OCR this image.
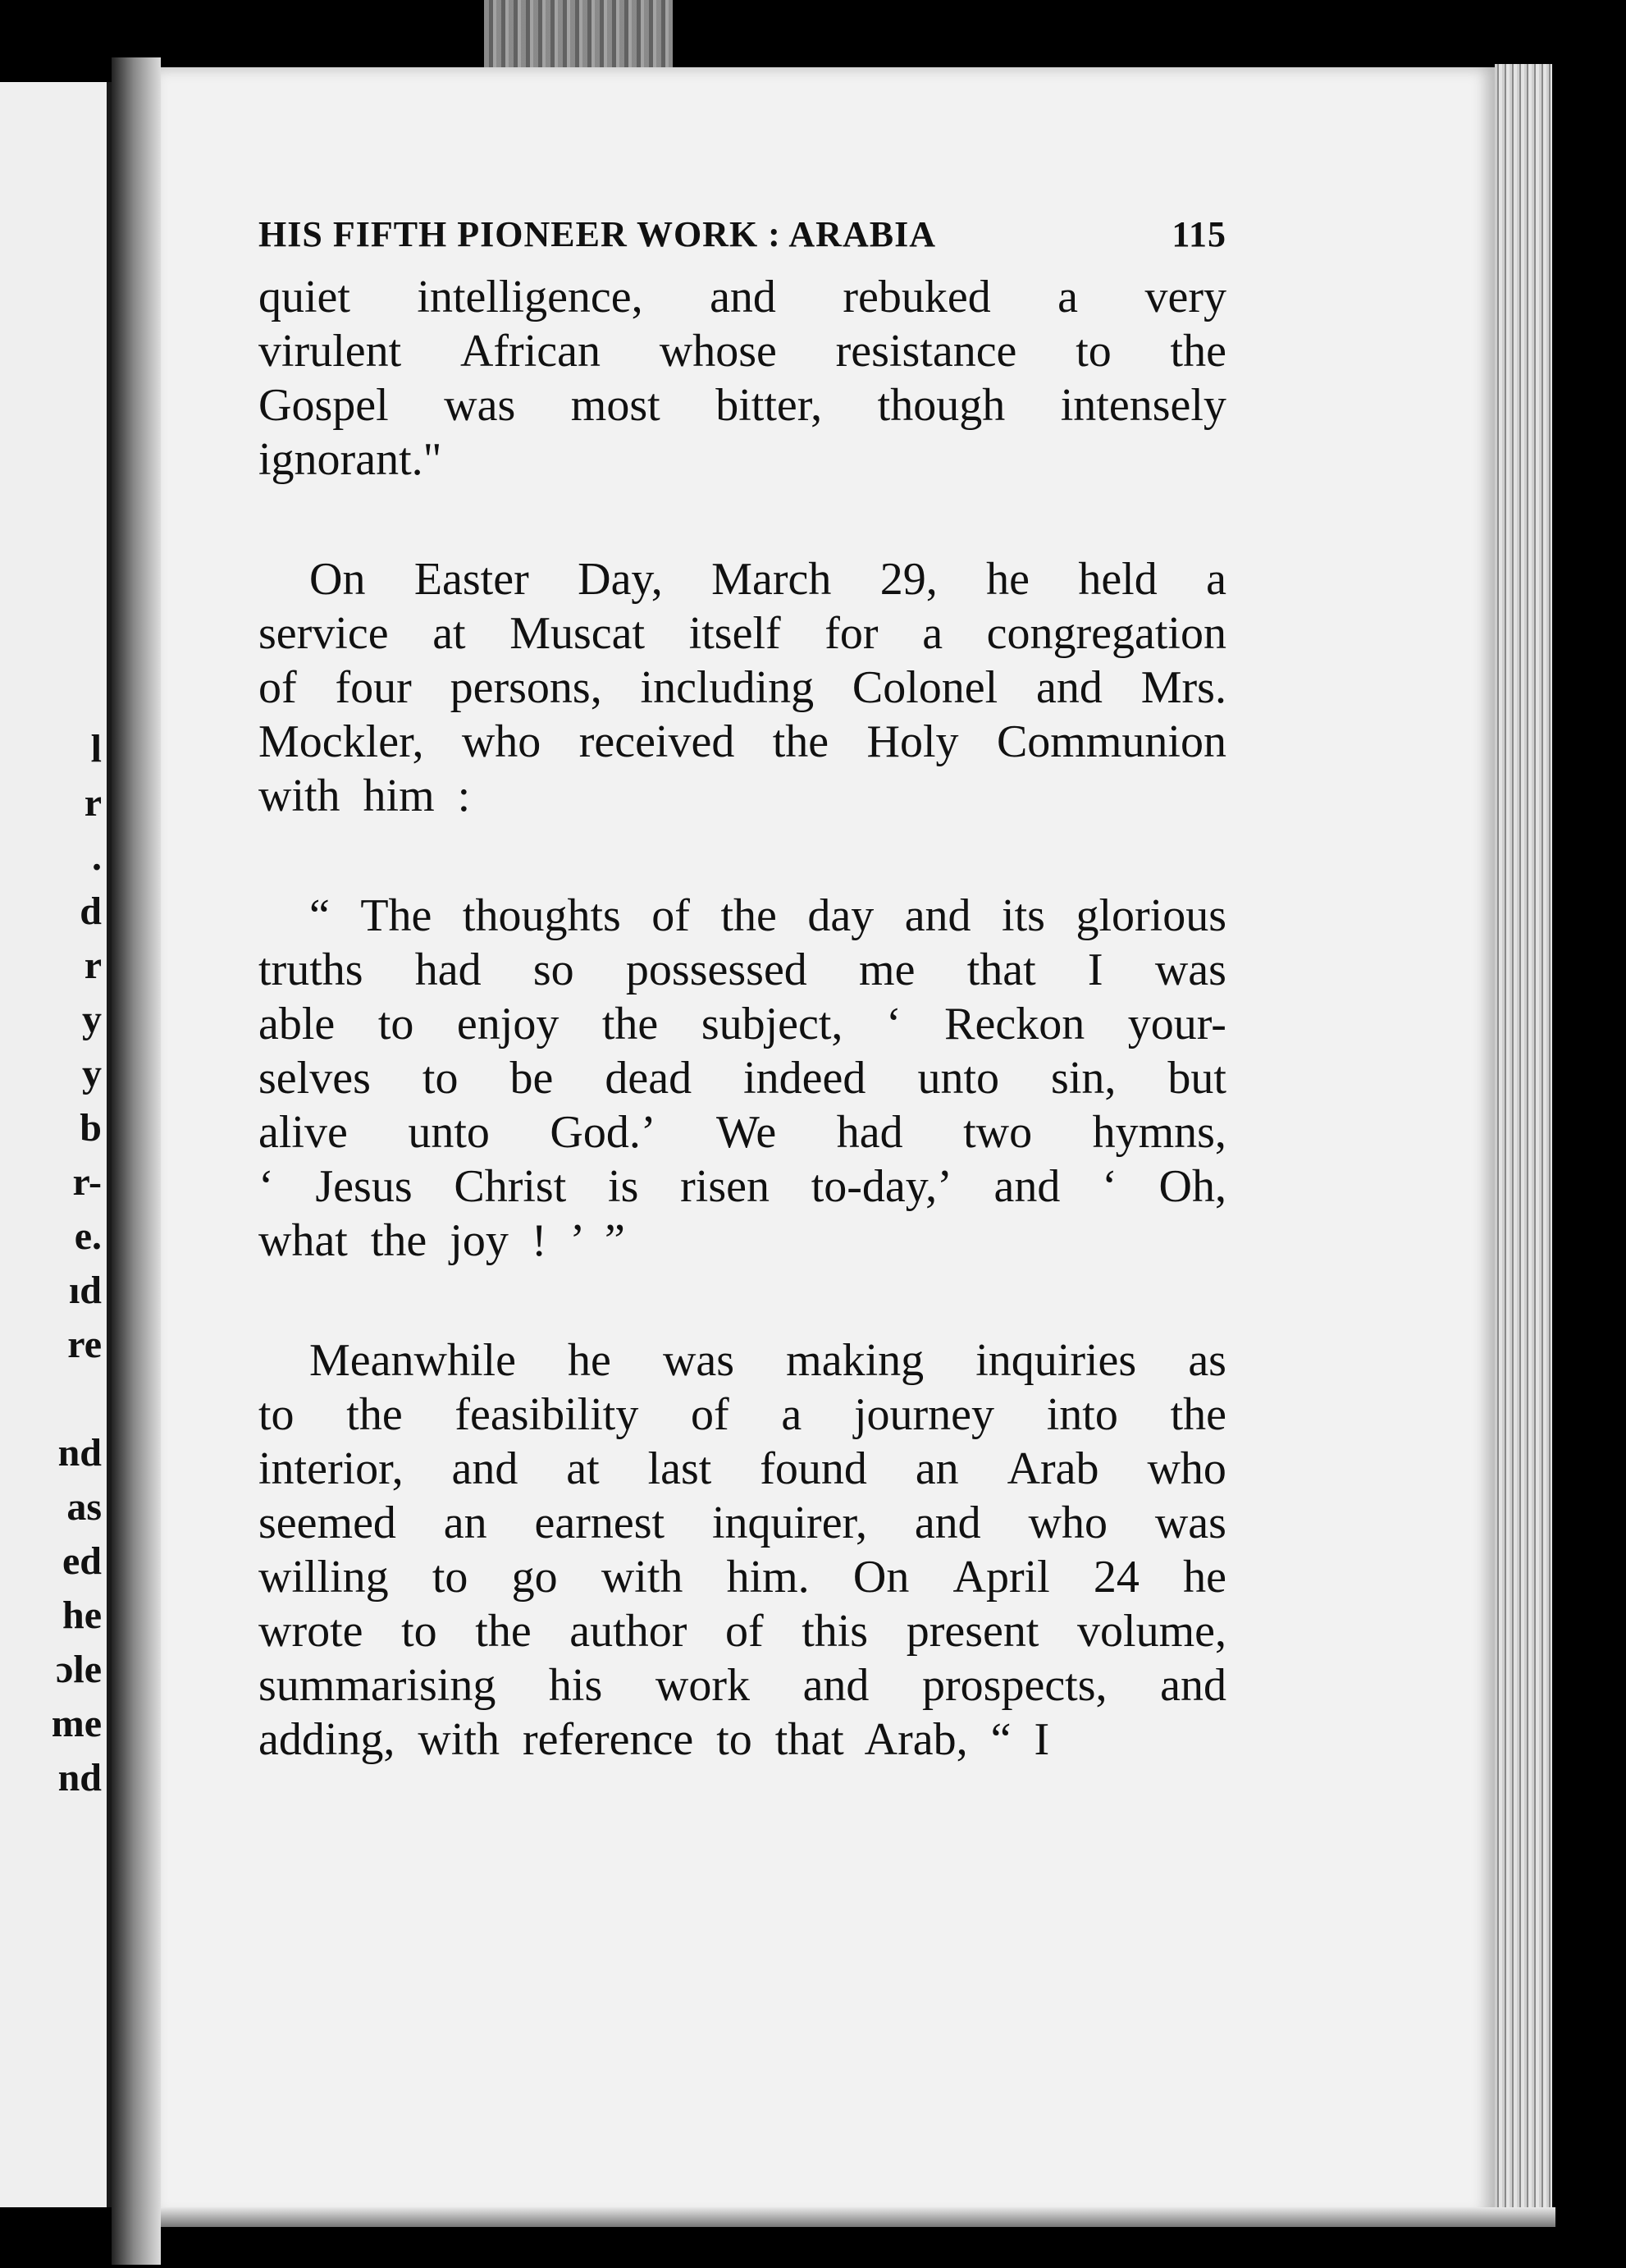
l
r
.
d
r
y
y
b
r-
e.
ıd
re
nd
as
ed
he
ɔle
me
nd
HIS FIFTH PIONEER WORK : ARABIA	115
quiet intelligence, and rebuked a very
virulent African whose resistance to the
Gospel was most bitter, though intensely
ignorant."
On Easter Day, March 29, he held a
service at Muscat itself for a congregation
of four persons, including Colonel and Mrs.
Mockler, who received the Holy Communion
with him :
“ The thoughts of the day and its glorious
truths had so possessed me that I was
able to enjoy the subject, ‘ Reckon your-
selves to be dead indeed unto sin, but
alive unto God.’ We had two hymns,
‘ Jesus Christ is risen to-day,’ and ‘ Oh,
what the joy ! ’ ”
Meanwhile he was making inquiries as
to the feasibility of a journey into the
interior, and at last found an Arab who
seemed an earnest inquirer, and who was
willing to go with him. On April 24 he
wrote to the author of this present volume,
summarising his work and prospects, and
adding, with reference to that Arab, “ I
